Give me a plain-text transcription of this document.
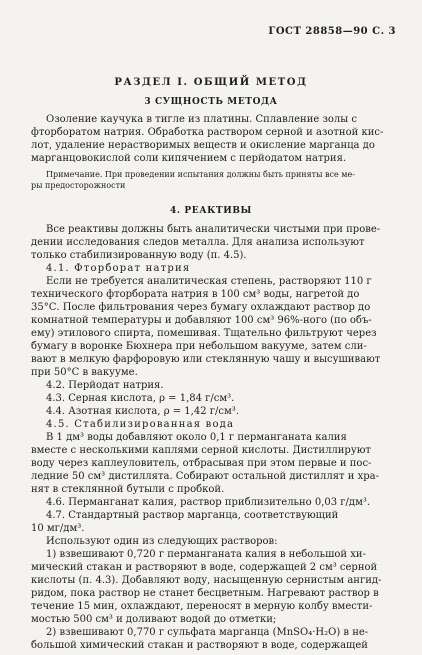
ГОСТ 28858—90 С. 3
РАЗДЕЛ I. ОБЩИЙ МЕТОД
3 СУЩНОСТЬ МЕТОДА
Озоление каучука в тигле из платины. Сплавление золы с
фторборатом натрия. Обработка раствором серной и азотной кис-
лот, удаление нерастворимых веществ и окисление марганца до
марганцовокислой соли кипячением с перйодатом натрия.
Примечание. При проведении испытания должны быть приняты все ме-
ры предосторожности
4. РЕАКТИВЫ
Все реактивы должны быть аналитически чистыми при прове-
дении исследования следов металла. Для анализа используют
только стабилизированную воду (п. 4.5).
4.1. Фторборат натрия
Если не требуется аналитическая степень, растворяют 110 г
технического фторбората натрия в 100 см³ воды, нагретой до
35°С. После фильтрования через бумагу охлаждают раствор до
комнатной температуры и добавляют 100 см³ 96%-ного (по объ-
ему) этилового спирта, помешивая. Тщательно фильтруют через
бумагу в воронке Бюхнера при небольшом вакууме, затем сли-
вают в мелкую фарфоровую или стеклянную чашу и высушивают
при 50°С в вакууме.
4.2. Перйодат натрия.
4.3. Серная кислота, ρ = 1,84 г/см³.
4.4. Азотная кислота, ρ = 1,42 г/см³.
4.5. Стабилизированная вода
В 1 дм³ воды добавляют около 0,1 г перманганата калия
вместе с несколькими каплями серной кислоты. Дистиллируют
воду через каплеуловитель, отбрасывая при этом первые и пос-
ледние 50 см³ дистиллята. Собирают остальной дистиллят и хра-
нят в стеклянной бутыли с пробкой.
4.6. Перманганат калия, раствор приблизительно 0,03 г/дм³.
4.7. Стандартный раствор марганца, соответствующий
10 мг/дм³.
Используют один из следующих растворов:
1) взвешивают 0,720 г перманганата калия в небольшой хи-
мический стакан и растворяют в воде, содержащей 2 см³ серной
кислоты (п. 4.3). Добавляют воду, насыщенную сернистым ангид-
ридом, пока раствор не станет бесцветным. Нагревают раствор в
течение 15 мин, охлаждают, переносят в мерную колбу вмести-
мостью 500 см³ и доливают водой до отметки;
2) взвешивают 0,770 г сульфата марганца (MnSO₄·H₂O) в не-
большой химический стакан и растворяют в воде, содержащей
